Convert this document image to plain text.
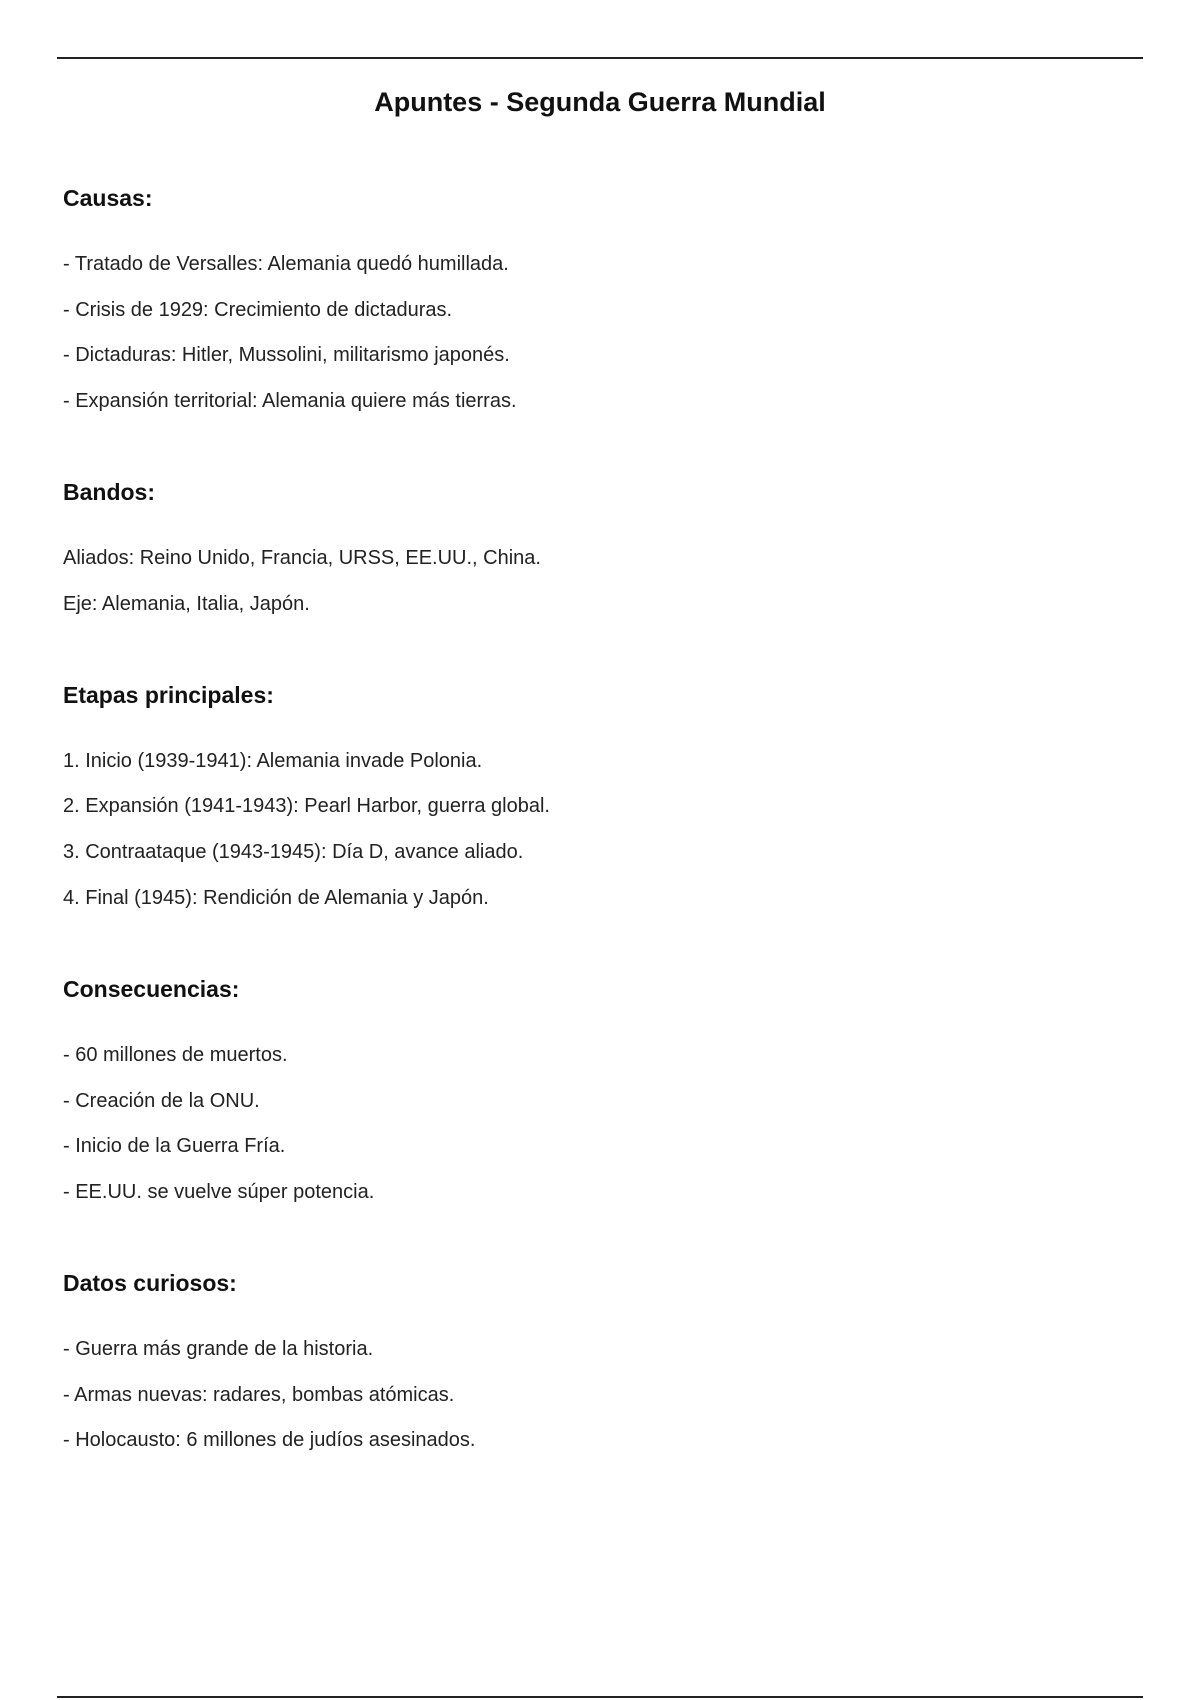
Apuntes - Segunda Guerra Mundial
Causas:
- Tratado de Versalles: Alemania quedó humillada.
- Crisis de 1929: Crecimiento de dictaduras.
- Dictaduras: Hitler, Mussolini, militarismo japonés.
- Expansión territorial: Alemania quiere más tierras.
Bandos:
Aliados: Reino Unido, Francia, URSS, EE.UU., China.
Eje: Alemania, Italia, Japón.
Etapas principales:
1. Inicio (1939-1941): Alemania invade Polonia.
2. Expansión (1941-1943): Pearl Harbor, guerra global.
3. Contraataque (1943-1945): Día D, avance aliado.
4. Final (1945): Rendición de Alemania y Japón.
Consecuencias:
- 60 millones de muertos.
- Creación de la ONU.
- Inicio de la Guerra Fría.
- EE.UU. se vuelve súper potencia.
Datos curiosos:
- Guerra más grande de la historia.
- Armas nuevas: radares, bombas atómicas.
- Holocausto: 6 millones de judíos asesinados.
